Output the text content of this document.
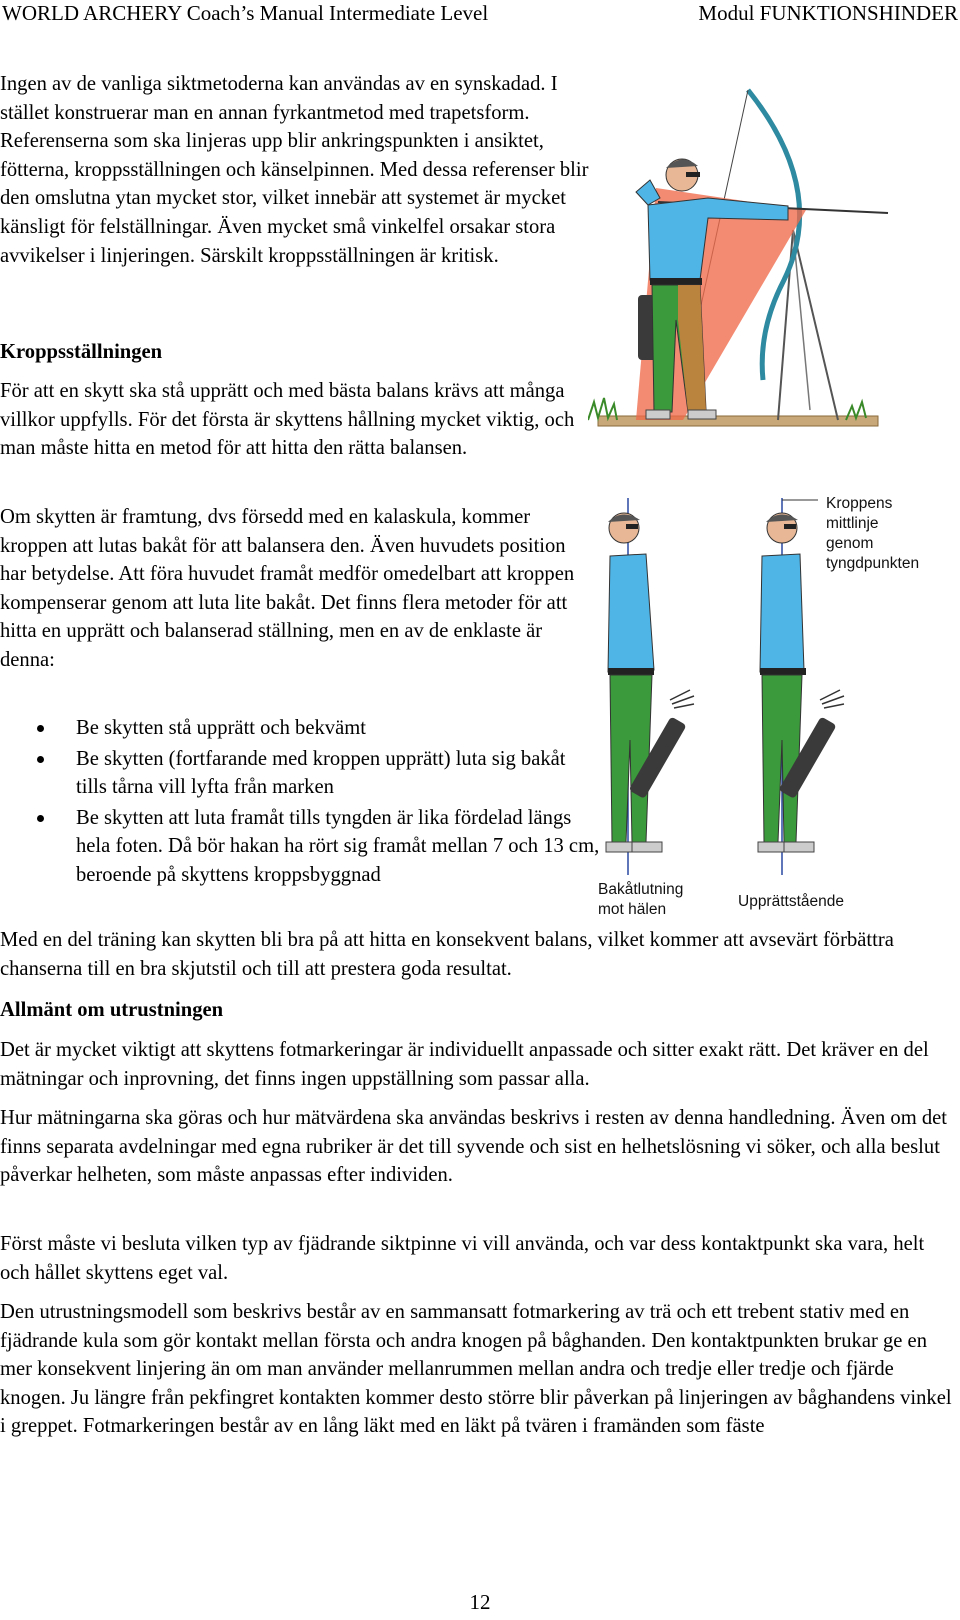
WORLD ARCHERY Coach’s Manual Intermediate Level	Modul FUNKTIONSHINDER

Ingen av de vanliga siktmetoderna kan användas av en synskadad. I stället konstruerar man en annan fyrkantmetod med trapetsform. Referenserna som ska linjeras upp blir ankringspunkten i ansiktet, fötterna, kroppsställningen och känselpinnen. Med dessa referenser blir den omslutna ytan mycket stor, vilket innebär att systemet är mycket känsligt för felställningar. Även mycket små vinkelfel orsakar stora avvikelser i linjeringen. Särskilt kroppsställningen är kritisk.

Kroppsställningen

För att en skytt ska stå upprätt och med bästa balans krävs att många villkor uppfylls. För det första är skyttens hållning mycket viktig, och man måste hitta en metod för att hitta den rätta balansen.

Om skytten är framtung, dvs försedd med en kalaskula, kommer kroppen att lutas bakåt för att balansera den. Även huvudets position har betydelse. Att föra huvudet framåt medför omedelbart att kroppen kompenserar genom att luta lite bakåt. Det finns flera metoder för att hitta en upprätt och balanserad ställning, men en av de enklaste är denna:

Be skytten stå upprätt och bekvämt
Be skytten (fortfarande med kroppen upprätt) luta sig bakåt tills tårna vill lyfta från marken
Be skytten att luta framåt tills tyngden är lika fördelad längs hela foten. Då bör hakan ha rört sig framåt mellan 7 och 13 cm, beroende på skyttens kroppsbyggnad

Med en del träning kan skytten bli bra på att hitta en konsekvent balans, vilket kommer att avsevärt förbättra chanserna till en bra skjutstil och till att prestera goda resultat.

Allmänt om utrustningen

Det är mycket viktigt att skyttens fotmarkeringar är individuellt anpassade och sitter exakt rätt. Det kräver en del mätningar och inprovning, det finns ingen uppställning som passar alla.

Hur mätningarna ska göras och hur mätvärdena ska användas beskrivs i resten av denna handledning. Även om det finns separata avdelningar med egna rubriker är det till syvende och sist en helhetslösning vi söker, och alla beslut påverkar helheten, som måste anpassas efter individen.

Först måste vi besluta vilken typ av fjädrande siktpinne vi vill använda, och var dess kontaktpunkt ska vara, helt och hållet skyttens eget val.

Den utrustningsmodell som beskrivs består av en sammansatt fotmarkering av trä och ett trebent stativ med en fjädrande kula som gör kontakt mellan första och andra knogen på båghanden. Den kontaktpunkten brukar ge en mer konsekvent linjering än om man använder mellanrummen mellan andra och tredje eller tredje och fjärde knogen. Ju längre från pekfingret kontakten kommer desto större blir påverkan på linjeringen av båghandens vinkel i greppet. Fotmarkeringen består av en lång läkt med en läkt på tvären i framänden som fäste

Kroppens
mittlinje
genom
tyngdpunkten
Bakåtlutning
mot hälen	Upprättstående
12
